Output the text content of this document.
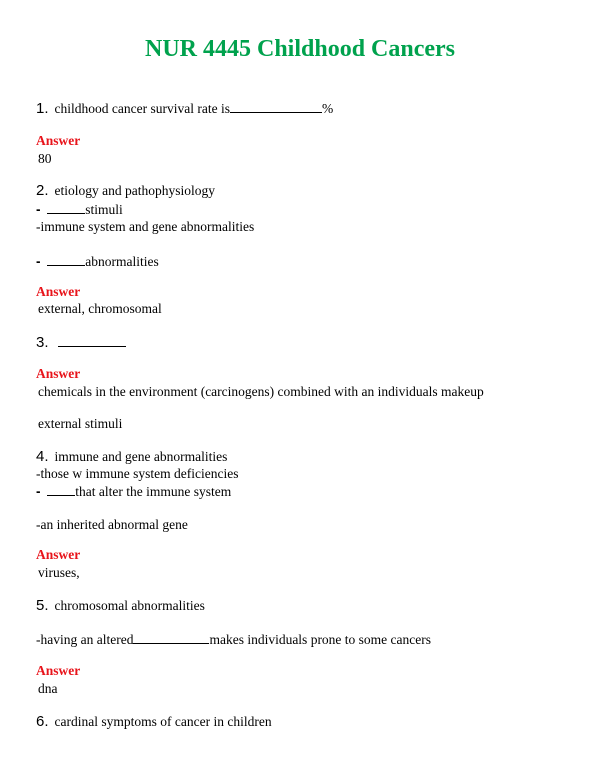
NUR 4445 Childhood Cancers
1. childhood cancer survival rate is	%
Answer
80
2. etiology and pathophysiology
-	stimuli
-immune system and gene abnormalities
-	abnormalities
Answer
external, chromosomal
3.
Answer
chemicals in the environment (carcinogens) combined with an individuals makeup
external stimuli
4. immune and gene abnormalities
-those w immune system deficiencies
-	that alter the immune system
-an inherited abnormal gene
Answer
viruses,
5. chromosomal abnormalities
-having an altered	makes individuals prone to some cancers
Answer
dna
6. cardinal symptoms of cancer in children
